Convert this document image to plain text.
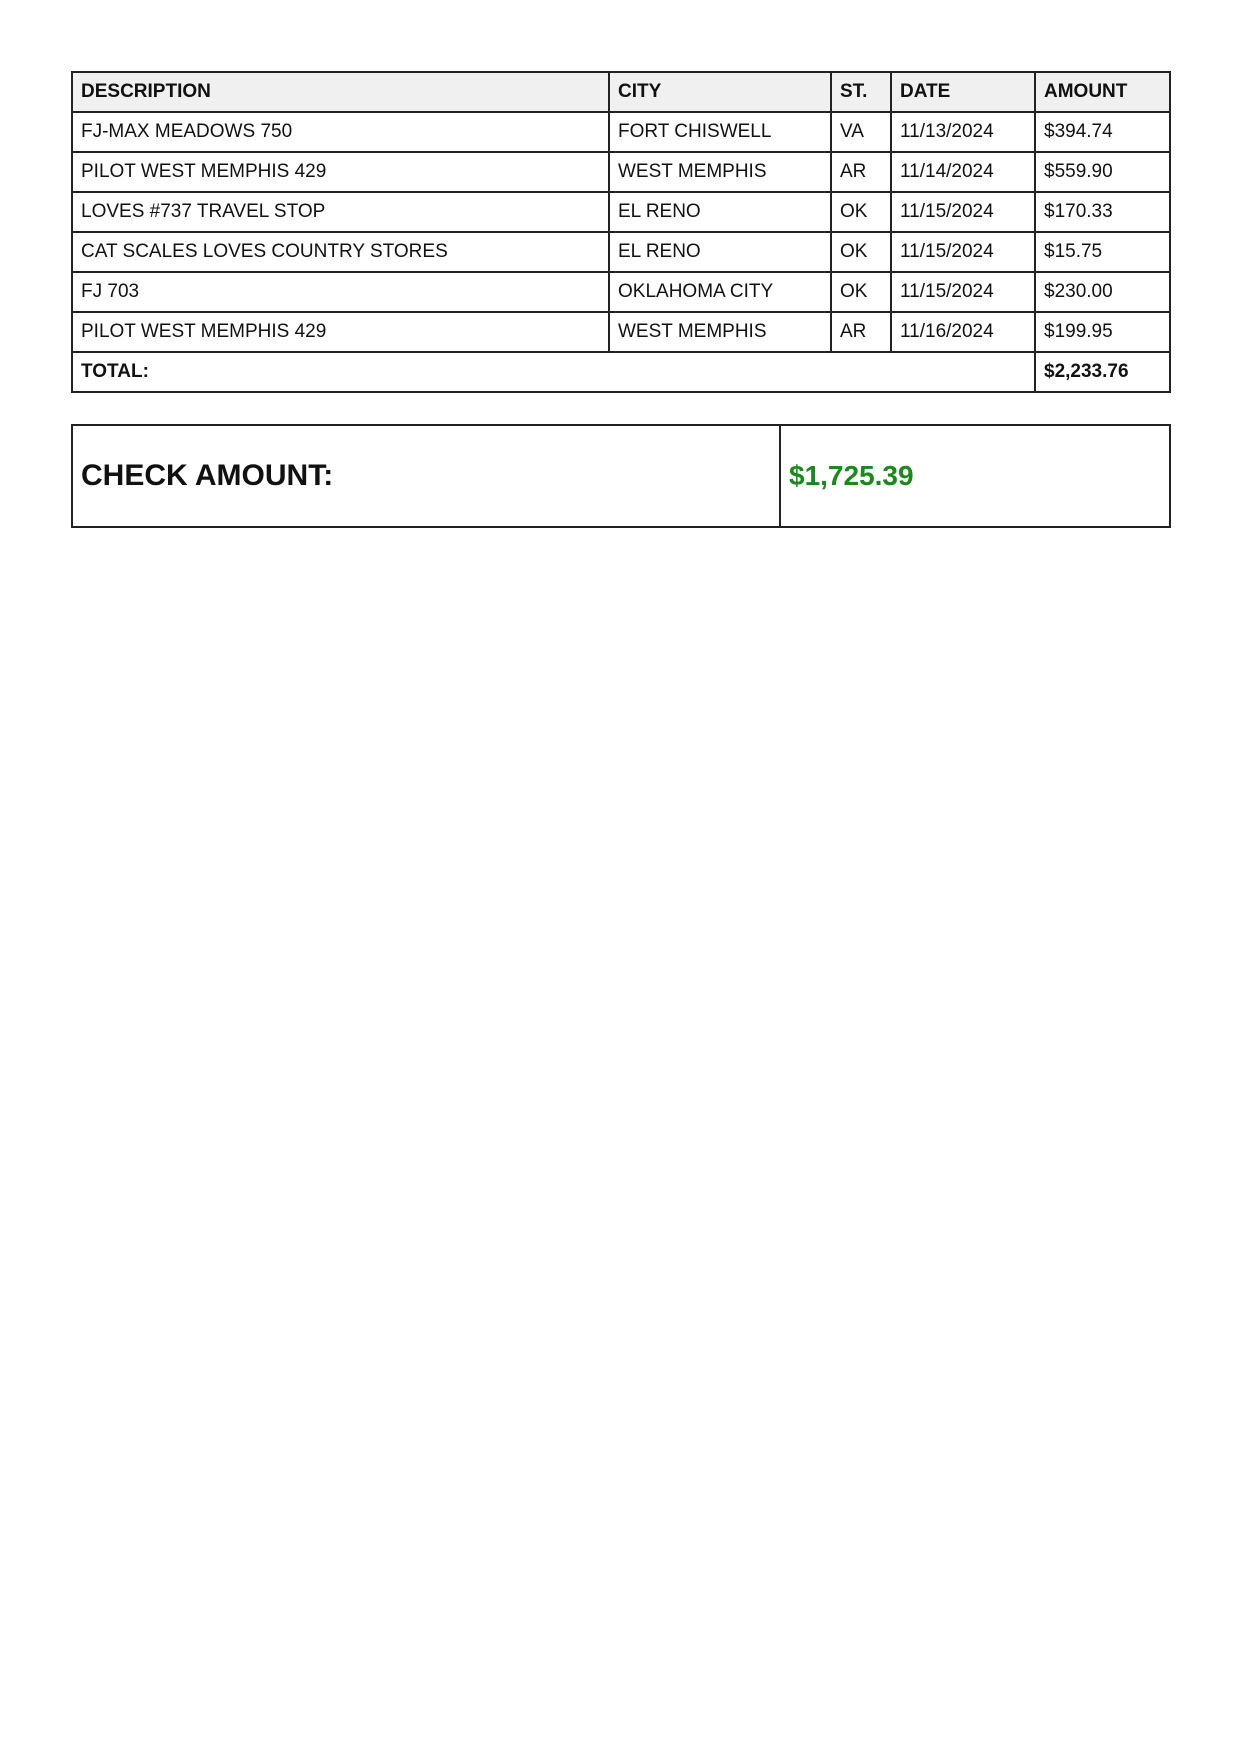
DESCRIPTION	CITY	ST.	DATE	AMOUNT
FJ-MAX MEADOWS 750	FORT CHISWELL	VA	11/13/2024	$394.74
PILOT WEST MEMPHIS 429	WEST MEMPHIS	AR	11/14/2024	$559.90
LOVES #737 TRAVEL STOP	EL RENO	OK	11/15/2024	$170.33
CAT SCALES LOVES COUNTRY STORES	EL RENO	OK	11/15/2024	$15.75
FJ 703	OKLAHOMA CITY	OK	11/15/2024	$230.00
PILOT WEST MEMPHIS 429	WEST MEMPHIS	AR	11/16/2024	$199.95
TOTAL:				$2,233.76
CHECK AMOUNT:	$1,725.39
